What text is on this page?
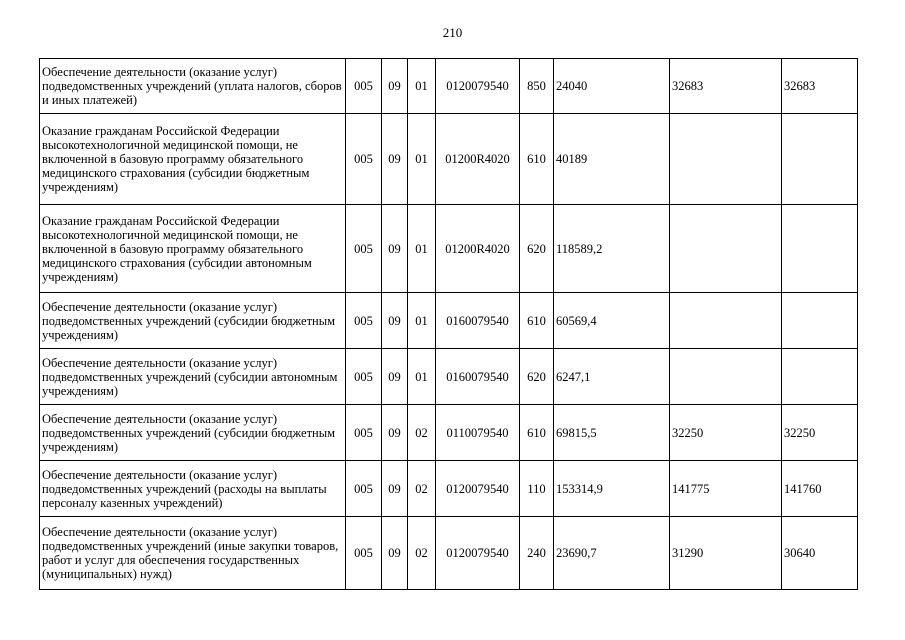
210
Обеспечение деятельности (оказание услуг) подведомственных учреждений (уплата налогов, сборов и иных платежей)	005	09	01	0120079540	850	24040	32683	32683
Оказание гражданам Российской Федерации высокотехнологичной медицинской помощи, не включенной в базовую программу обязательного медицинского страхования (субсидии бюджетным учреждениям)	005	09	01	01200R4020	610	40189		
Оказание гражданам Российской Федерации высокотехнологичной медицинской помощи, не включенной в базовую программу обязательного медицинского страхования (субсидии автономным учреждениям)	005	09	01	01200R4020	620	118589,2		
Обеспечение деятельности (оказание услуг) подведомственных учреждений (субсидии бюджетным учреждениям)	005	09	01	0160079540	610	60569,4		
Обеспечение деятельности (оказание услуг) подведомственных учреждений (субсидии автономным учреждениям)	005	09	01	0160079540	620	6247,1		
Обеспечение деятельности (оказание услуг) подведомственных учреждений (субсидии бюджетным учреждениям)	005	09	02	0110079540	610	69815,5	32250	32250
Обеспечение деятельности (оказание услуг) подведомственных учреждений (расходы на выплаты персоналу казенных учреждений)	005	09	02	0120079540	110	153314,9	141775	141760
Обеспечение деятельности (оказание услуг) подведомственных учреждений (иные закупки товаров, работ и услуг для обеспечения государственных (муниципальных) нужд)	005	09	02	0120079540	240	23690,7	31290	30640
